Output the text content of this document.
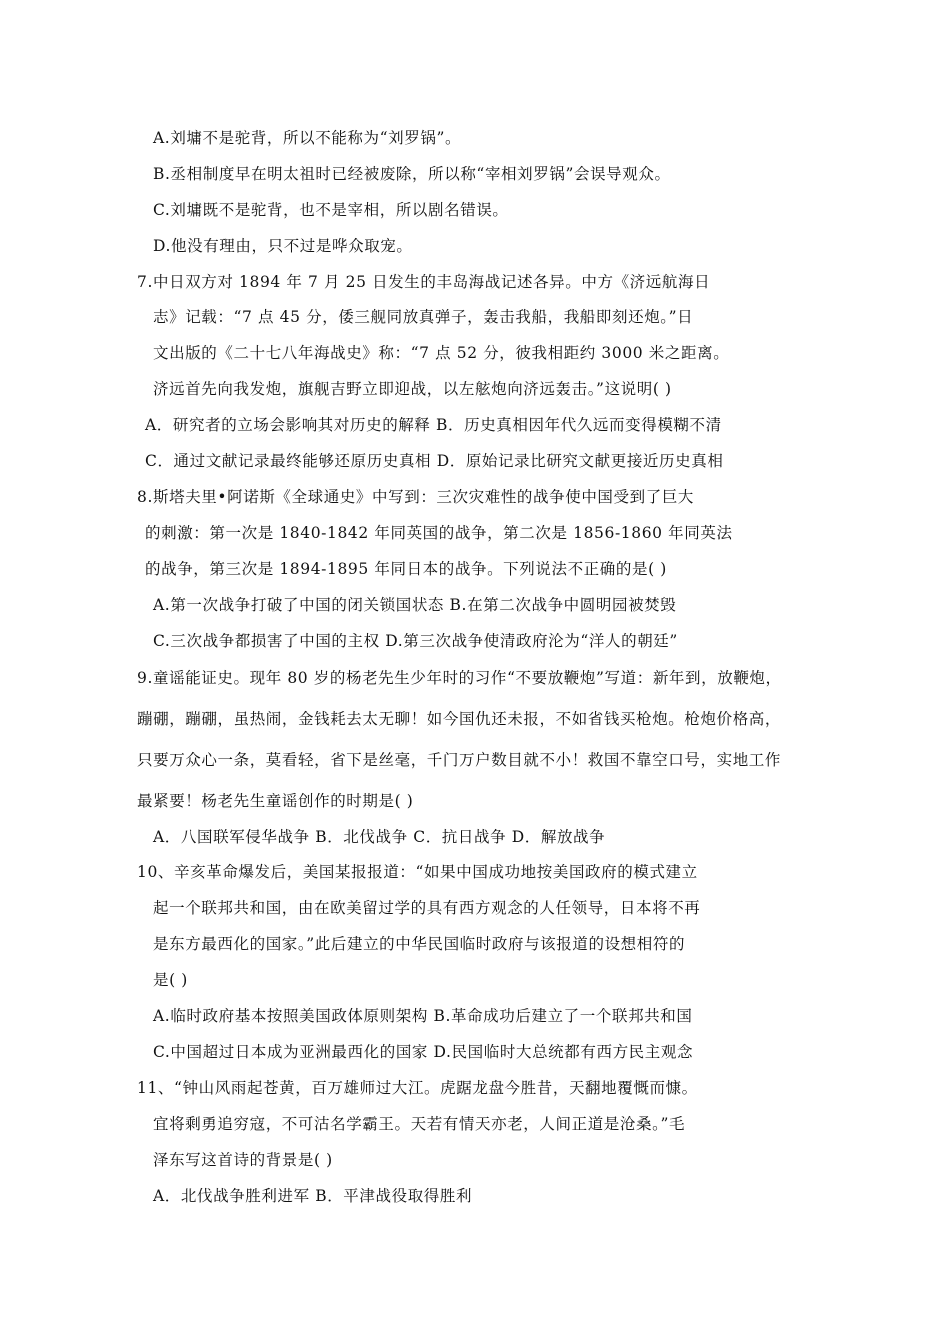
A.刘墉不是驼背，所以不能称为“刘罗锅”。
B.丞相制度早在明太祖时已经被废除，所以称“宰相刘罗锅”会误导观众。
C.刘墉既不是驼背，也不是宰相，所以剧名错误。
D.他没有理由，只不过是哗众取宠。
7.中日双方对 1894 年 7 月 25 日发生的丰岛海战记述各异。中方《济远航海日
志》记载：“7 点 45 分，倭三舰同放真弹子，轰击我船，我船即刻还炮。”日
文出版的《二十七八年海战史》称：“7 点 52 分，彼我相距约 3000 米之距离。
济远首先向我发炮，旗舰吉野立即迎战，以左舷炮向济远轰击。”这说明( )
A．研究者的立场会影响其对历史的解释 B．历史真相因年代久远而变得模糊不清
C．通过文献记录最终能够还原历史真相 D．原始记录比研究文献更接近历史真相
8.斯塔夫里•阿诺斯《全球通史》中写到：三次灾难性的战争使中国受到了巨大
的刺激：第一次是 1840-1842 年同英国的战争，第二次是 1856-1860 年同英法
的战争，第三次是 1894-1895 年同日本的战争。下列说法不正确的是( )
A.第一次战争打破了中国的闭关锁国状态 B.在第二次战争中圆明园被焚毁
C.三次战争都损害了中国的主权 D.第三次战争使清政府沦为“洋人的朝廷”
9.童谣能证史。现年 80 岁的杨老先生少年时的习作“不要放鞭炮”写道：新年到，放鞭炮，
蹦硼，蹦硼，虽热闹，金钱耗去太无聊！如今国仇还未报，不如省钱买枪炮。枪炮价格高，
只要万众心一条，莫看轻，省下是丝毫，千门万户数目就不小！救国不靠空口号，实地工作
最紧要！杨老先生童谣创作的时期是( )
A．八国联军侵华战争 B．北伐战争 C．抗日战争 D．解放战争
10、辛亥革命爆发后，美国某报报道：“如果中国成功地按美国政府的模式建立
起一个联邦共和国，由在欧美留过学的具有西方观念的人任领导，日本将不再
是东方最西化的国家。”此后建立的中华民国临时政府与该报道的设想相符的
是( )
A.临时政府基本按照美国政体原则架构 B.革命成功后建立了一个联邦共和国
C.中国超过日本成为亚洲最西化的国家 D.民国临时大总统都有西方民主观念
11、“钟山风雨起苍黄，百万雄师过大江。虎踞龙盘今胜昔，天翻地覆慨而慷。
宜将剩勇追穷寇，不可沽名学霸王。天若有情天亦老，人间正道是沧桑。”毛
泽东写这首诗的背景是( )
A．北伐战争胜利进军 B．平津战役取得胜利
